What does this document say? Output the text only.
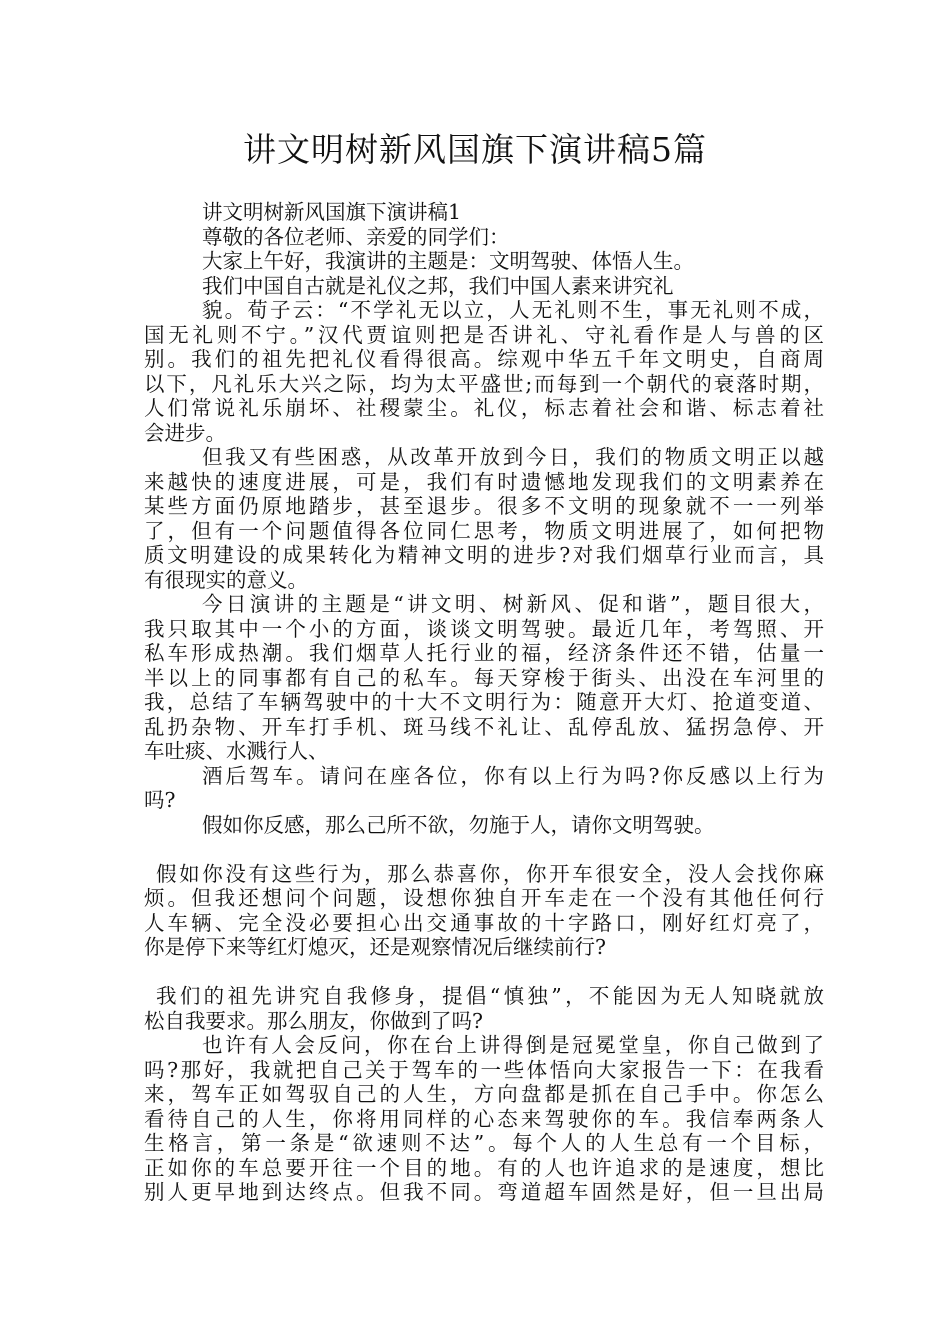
讲文明树新风国旗下演讲稿5篇
讲文明树新风国旗下演讲稿1
尊敬的各位老师、亲爱的同学们：
大家上午好，我演讲的主题是：文明驾驶、体悟人生。
我们中国自古就是礼仪之邦，我们中国人素来讲究礼
貌。荀子云：“不学礼无以立，人无礼则不生，事无礼则不成，
国无礼则不宁。”汉代贾谊则把是否讲礼、守礼看作是人与兽的区
别。我们的祖先把礼仪看得很高。综观中华五千年文明史，自商周
以下，凡礼乐大兴之际，均为太平盛世;而每到一个朝代的衰落时期，
人们常说礼乐崩坏、社稷蒙尘。礼仪，标志着社会和谐、标志着社
会进步。
但我又有些困惑，从改革开放到今日，我们的物质文明正以越
来越快的速度进展，可是，我们有时遗憾地发现我们的文明素养在
某些方面仍原地踏步，甚至退步。很多不文明的现象就不一一列举
了，但有一个问题值得各位同仁思考，物质文明进展了，如何把物
质文明建设的成果转化为精神文明的进步?对我们烟草行业而言，具
有很现实的意义。
今日演讲的主题是“讲文明、树新风、促和谐”，题目很大，
我只取其中一个小的方面，谈谈文明驾驶。最近几年，考驾照、开
私车形成热潮。我们烟草人托行业的福，经济条件还不错，估量一
半以上的同事都有自己的私车。每天穿梭于街头、出没在车河里的
我，总结了车辆驾驶中的十大不文明行为：随意开大灯、抢道变道、
乱扔杂物、开车打手机、斑马线不礼让、乱停乱放、猛拐急停、开
车吐痰、水溅行人、
酒后驾车。请问在座各位，你有以上行为吗?你反感以上行为
吗?
假如你反感，那么己所不欲，勿施于人，请你文明驾驶。
假如你没有这些行为，那么恭喜你，你开车很安全，没人会找你麻
烦。但我还想问个问题，设想你独自开车走在一个没有其他任何行
人车辆、完全没必要担心出交通事故的十字路口，刚好红灯亮了，
你是停下来等红灯熄灭，还是观察情况后继续前行?
我们的祖先讲究自我修身，提倡“慎独”，不能因为无人知晓就放
松自我要求。那么朋友，你做到了吗?
也许有人会反问，你在台上讲得倒是冠冕堂皇，你自己做到了
吗?那好，我就把自己关于驾车的一些体悟向大家报告一下：在我看
来，驾车正如驾驭自己的人生，方向盘都是抓在自己手中。你怎么
看待自己的人生，你将用同样的心态来驾驶你的车。我信奉两条人
生格言，第一条是“欲速则不达”。每个人的人生总有一个目标，
正如你的车总要开往一个目的地。有的人也许追求的是速度，想比
别人更早地到达终点。但我不同。弯道超车固然是好，但一旦出局
